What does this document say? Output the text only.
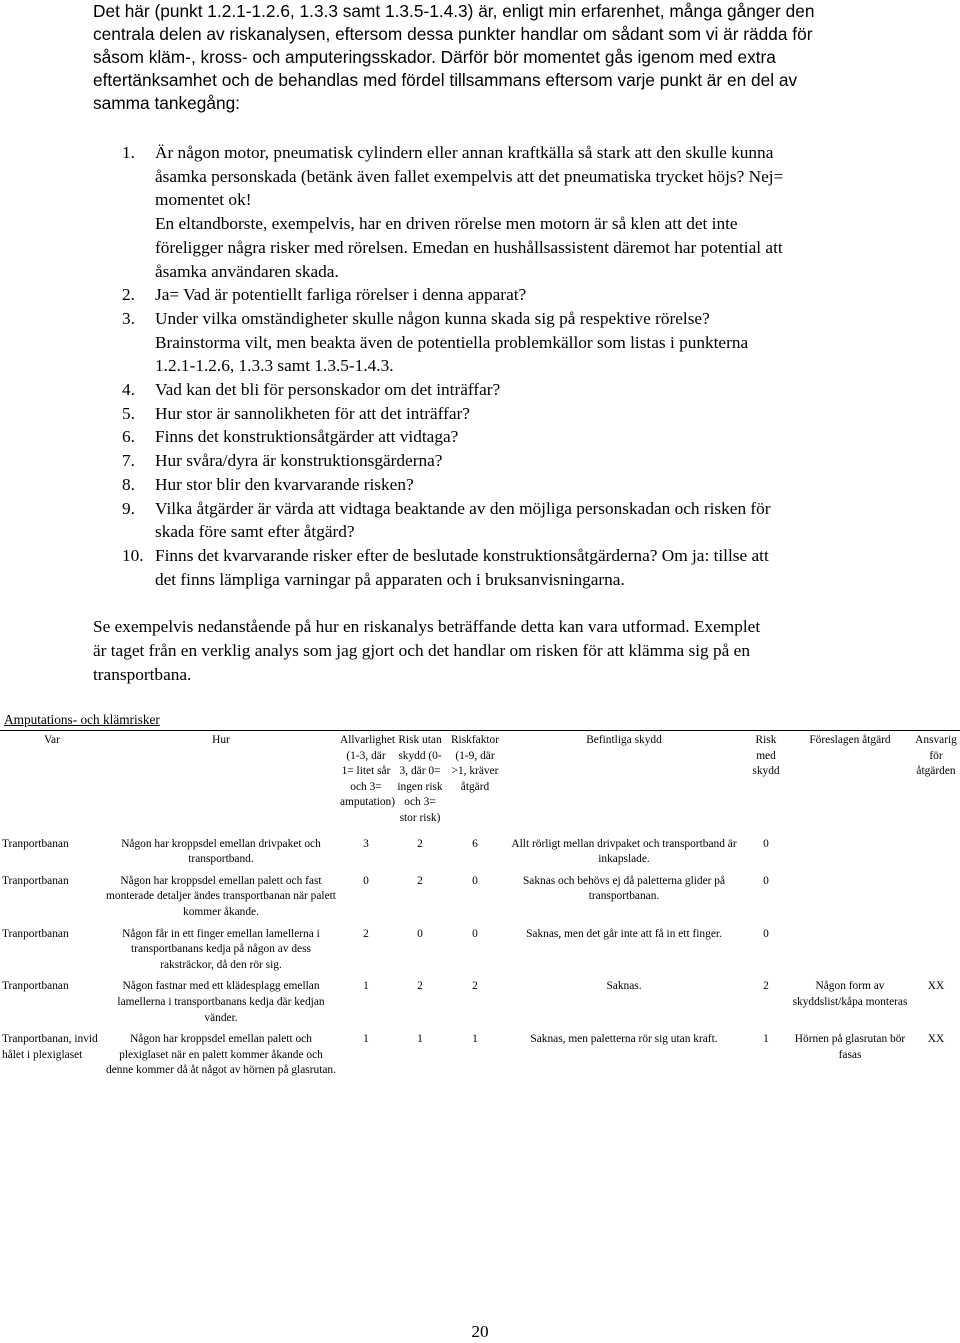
Det här (punkt 1.2.1-1.2.6, 1.3.3 samt 1.3.5-1.4.3) är, enligt min erfarenhet, många gånger den

centrala delen av riskanalysen, eftersom dessa punkter handlar om sådant som vi är rädda för

såsom kläm-, kross- och amputeringsskador. Därför bör momentet gås igenom med extra

eftertänksamhet och de behandlas med fördel tillsammans eftersom varje punkt är en del av

samma tankegång:

1. Är någon motor, pneumatisk cylindern eller annan kraftkälla så stark att den skulle kunna
åsamka personskada (betänk även fallet exempelvis att det pneumatiska trycket höjs? Nej=
momentet ok!
En eltandborste, exempelvis, har en driven rörelse men motorn är så klen att det inte
föreligger några risker med rörelsen. Emedan en hushållsassistent däremot har potential att
åsamka användaren skada.
2. Ja= Vad är potentiellt farliga rörelser i denna apparat?
3. Under vilka omständigheter skulle någon kunna skada sig på respektive rörelse?
Brainstorma vilt, men beakta även de potentiella problemkällor som listas i punkterna
1.2.1-1.2.6, 1.3.3 samt 1.3.5-1.4.3.
4. Vad kan det bli för personskador om det inträffar?
5. Hur stor är sannolikheten för att det inträffar?
6. Finns det konstruktionsåtgärder att vidtaga?
7. Hur svåra/dyra är konstruktionsgärderna?
8. Hur stor blir den kvarvarande risken?
9. Vilka åtgärder är värda att vidtaga beaktande av den möjliga personskadan och risken för
skada före samt efter åtgärd?
10. Finns det kvarvarande risker efter de beslutade konstruktionsåtgärderna? Om ja: tillse att
det finns lämpliga varningar på apparaten och i bruksanvisningarna.
Se exempelvis nedanstående på hur en riskanalys beträffande detta kan vara utformad. Exemplet
är taget från en verklig analys som jag gjort och det handlar om risken för att klämma sig på en
transportbana.

Amputations- och klämrisker

Var	Hur	Allvarlighet (1-3, där 1= litet sår och 3= amputation)	Risk utan skydd (0-3, där 0= ingen risk och 3= stor risk)	Riskfaktor (1-9, där >1, kräver åtgärd	Befintliga skydd	Risk med skydd	Föreslagen åtgärd	Ansvarig för åtgärden
Tranportbanan	Någon har kroppsdel emellan drivpaket och transportband.	3	2	6	Allt rörligt mellan drivpaket och transportband är inkapslade.	0		
Tranportbanan	Någon har kroppsdel emellan palett och fast monterade detaljer ändes transportbanan när palett kommer åkande.	0	2	0	Saknas och behövs ej då paletterna glider på transportbanan.	0		
Tranportbanan	Någon får in ett finger emellan lamellerna i transportbanans kedja på någon av dess raksträckor, då den rör sig.	2	0	0	Saknas, men det går inte att få in ett finger.	0		
Tranportbanan	Någon fastnar med ett klädesplagg emellan lamellerna i transportbanans kedja där kedjan vänder.	1	2	2	Saknas.	2	Någon form av skyddslist/kåpa monteras	XX
Tranportbanan, invid hålet i plexiglaset	Någon har kroppsdel emellan palett och plexiglaset när en palett kommer åkande och denne kommer då åt något av hörnen på glasrutan.	1	1	1	Saknas, men paletterna rör sig utan kraft.	1	Hörnen på glasrutan bör fasas	XX

20
